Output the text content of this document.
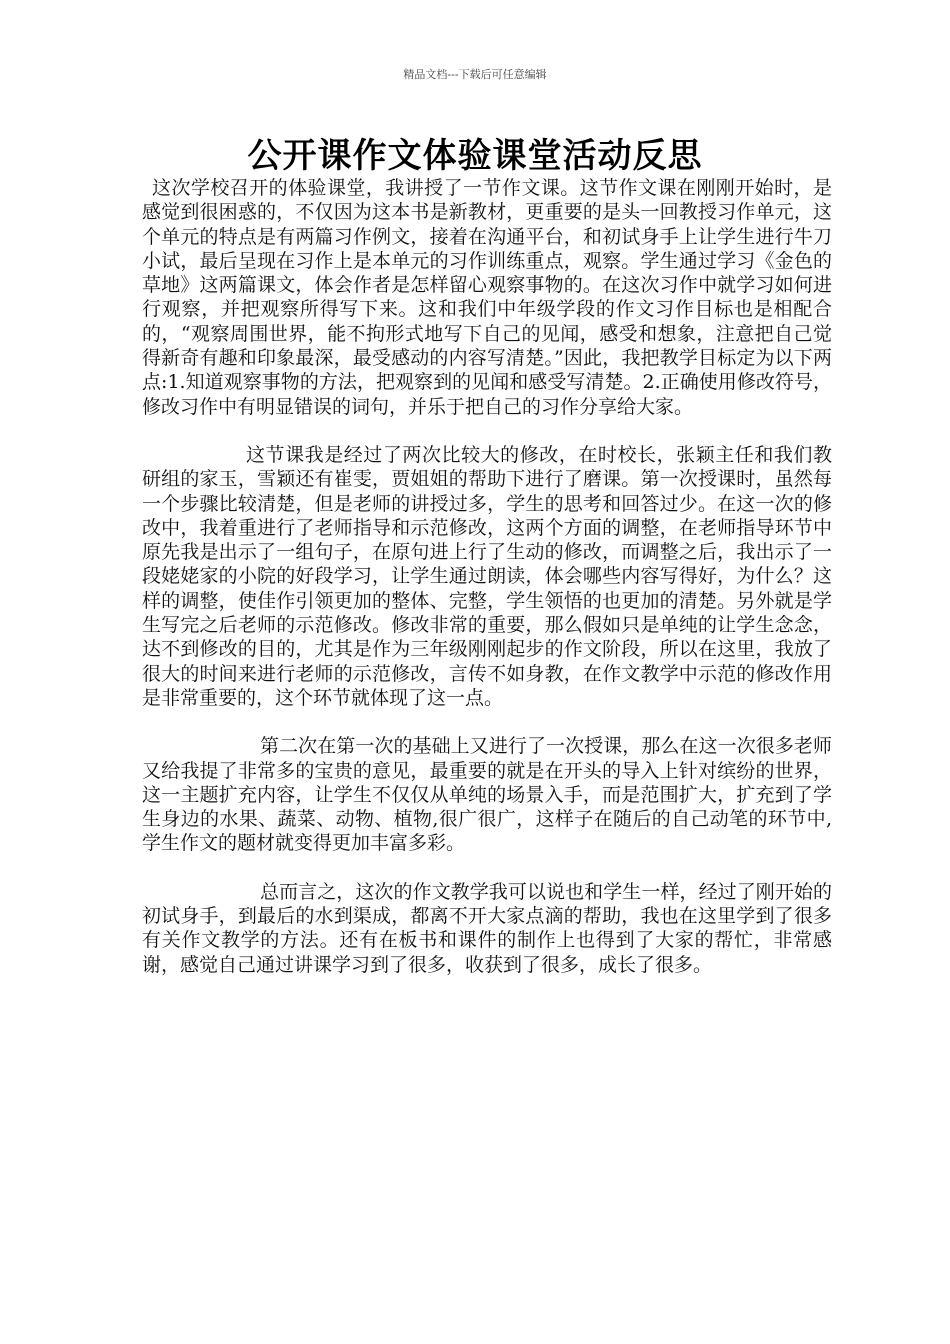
精品文档---下载后可任意编辑
公开课作文体验课堂活动反思

这次学校召开的体验课堂，我讲授了一节作文课。这节作文课在刚刚开始时，是感觉到很困惑的，不仅因为这本书是新教材，更重要的是头一回教授习作单元，这个单元的特点是有两篇习作例文，接着在沟通平台，和初试身手上让学生进行牛刀小试，最后呈现在习作上是本单元的习作训练重点，观察。学生通过学习《金色的草地》这两篇课文，体会作者是怎样留心观察事物的。在这次习作中就学习如何进行观察，并把观察所得写下来。这和我们中年级学段的作文习作目标也是相配合的，“观察周围世界，能不拘形式地写下自己的见闻，感受和想象，注意把自己觉得新奇有趣和印象最深，最受感动的内容写清楚。”因此，我把教学目标定为以下两点:1.知道观察事物的方法，把观察到的见闻和感受写清楚。2.正确使用修改符号，修改习作中有明显错误的词句，并乐于把自己的习作分享给大家。

这节课我是经过了两次比较大的修改，在时校长，张颖主任和我们教研组的家玉，雪颖还有崔雯，贾姐姐的帮助下进行了磨课。第一次授课时，虽然每一个步骤比较清楚，但是老师的讲授过多，学生的思考和回答过少。在这一次的修改中，我着重进行了老师指导和示范修改，这两个方面的调整，在老师指导环节中原先我是出示了一组句子，在原句进上行了生动的修改，而调整之后，我出示了一段姥姥家的小院的好段学习，让学生通过朗读，体会哪些内容写得好，为什么？这样的调整，使佳作引领更加的整体、完整，学生领悟的也更加的清楚。另外就是学生写完之后老师的示范修改。修改非常的重要，那么假如只是单纯的让学生念念，达不到修改的目的，尤其是作为三年级刚刚起步的作文阶段，所以在这里，我放了很大的时间来进行老师的示范修改，言传不如身教，在作文教学中示范的修改作用是非常重要的，这个环节就体现了这一点。

第二次在第一次的基础上又进行了一次授课，那么在这一次很多老师又给我提了非常多的宝贵的意见，最重要的就是在开头的导入上针对缤纷的世界，这一主题扩充内容，让学生不仅仅从单纯的场景入手，而是范围扩大，扩充到了学生身边的水果、蔬菜、动物、植物,很广很广，这样子在随后的自己动笔的环节中,学生作文的题材就变得更加丰富多彩。

总而言之，这次的作文教学我可以说也和学生一样，经过了刚开始的初试身手，到最后的水到渠成，都离不开大家点滴的帮助，我也在这里学到了很多有关作文教学的方法。还有在板书和课件的制作上也得到了大家的帮忙，非常感谢，感觉自己通过讲课学习到了很多，收获到了很多，成长了很多。
